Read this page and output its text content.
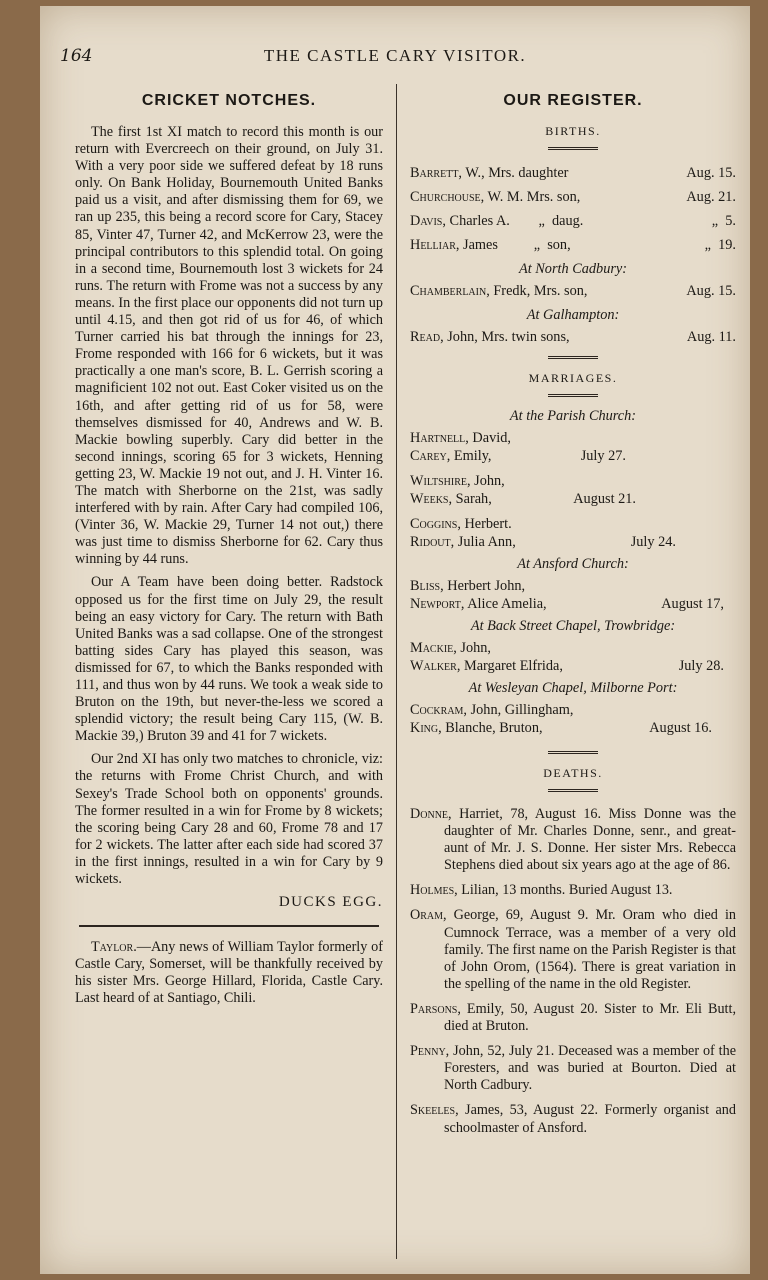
164	THE CASTLE CARY VISITOR.
CRICKET NOTCHES.

The first 1st XI match to record this month is our return with Evercreech on their ground, on July 31. With a very poor side we suffered defeat by 18 runs only. On Bank Holiday, Bournemouth United Banks paid us a visit, and after dismissing them for 69, we ran up 235, this being a record score for Cary, Stacey 85, Vinter 47, Turner 42, and McKerrow 23, were the principal contributors to this splendid total. On going in a second time, Bournemouth lost 3 wickets for 24 runs. The return with Frome was not a success by any means. In the first place our opponents did not turn up until 4.15, and then got rid of us for 46, of which Turner carried his bat through the innings for 23, Frome responded with 166 for 6 wickets, but it was practically a one man's score, B. L. Gerrish scoring a magnificient 102 not out. East Coker visited us on the 16th, and after getting rid of us for 58, were themselves dismissed for 40, Andrews and W. B. Mackie bowling superbly. Cary did better in the second innings, scoring 65 for 3 wickets, Henning getting 23, W. Mackie 19 not out, and J. H. Vinter 16. The match with Sherborne on the 21st, was sadly interfered with by rain. After Cary had compiled 106, (Vinter 36, W. Mackie 29, Turner 14 not out,) there was just time to dismiss Sherborne for 62. Cary thus winning by 44 runs.

Our A Team have been doing better. Radstock opposed us for the first time on July 29, the result being an easy victory for Cary. The return with Bath United Banks was a sad collapse. One of the strongest batting sides Cary has played this season, was dismissed for 67, to which the Banks responded with 111, and thus won by 44 runs. We took a weak side to Bruton on the 19th, but never-the-less we scored a splendid victory; the result being Cary 115, (W. B. Mackie 39,) Bruton 39 and 41 for 7 wickets.

Our 2nd XI has only two matches to chronicle, viz: the returns with Frome Christ Church, and with Sexey's Trade School both on opponents' grounds. The former resulted in a win for Frome by 8 wickets; the scoring being Cary 28 and 60, Frome 78 and 17 for 2 wickets. The latter after each side had scored 37 in the first innings, resulted in a win for Cary by 9 wickets.

DUCKS EGG.

Taylor.—Any news of William Taylor formerly of Castle Cary, Somerset, will be thankfully received by his sister Mrs. George Hillard, Florida, Castle Cary. Last heard of at Santiago, Chili.

OUR REGISTER.
BIRTHS.
Barrett, W., Mrs. daughter	Aug. 15.
Churchouse, W. M. Mrs. son,	Aug. 21.
Davis, Charles A.        „  daug.	„  5.
Helliar, James          „  son,	„  19.
At North Cadbury:
Chamberlain, Fredk, Mrs. son,	Aug. 15.
At Galhampton:
Read, John, Mrs. twin sons,	Aug. 11.
MARRIAGES.
At the Parish Church:

Hartnell, David,

Carey, Emily,	July 27.

Wiltshire, John,

Weeks, Sarah,	August 21.

Coggins, Herbert.

Ridout, Julia Ann,	July 24.

At Ansford Church:

Bliss, Herbert John,

Newport, Alice Amelia,	August 17,

At Back Street Chapel, Trowbridge:

Mackie, John,

Walker, Margaret Elfrida,	July 28.

At Wesleyan Chapel, Milborne Port:

Cockram, John, Gillingham,

King, Blanche, Bruton,	August 16.

DEATHS.

Donne, Harriet, 78, August 16. Miss Donne was the daughter of Mr. Charles Donne, senr., and great-aunt of Mr. J. S. Donne. Her sister Mrs. Rebecca Stephens died about six years ago at the age of 86.

Holmes, Lilian, 13 months. Buried August 13.

Oram, George, 69, August 9. Mr. Oram who died in Cumnock Terrace, was a member of a very old family. The first name on the Parish Register is that of John Orom, (1564). There is great variation in the spelling of the name in the old Register.

Parsons, Emily, 50, August 20. Sister to Mr. Eli Butt, died at Bruton.

Penny, John, 52, July 21. Deceased was a member of the Foresters, and was buried at Bourton. Died at North Cadbury.

Skeeles, James, 53, August 22. Formerly organist and schoolmaster of Ansford.
